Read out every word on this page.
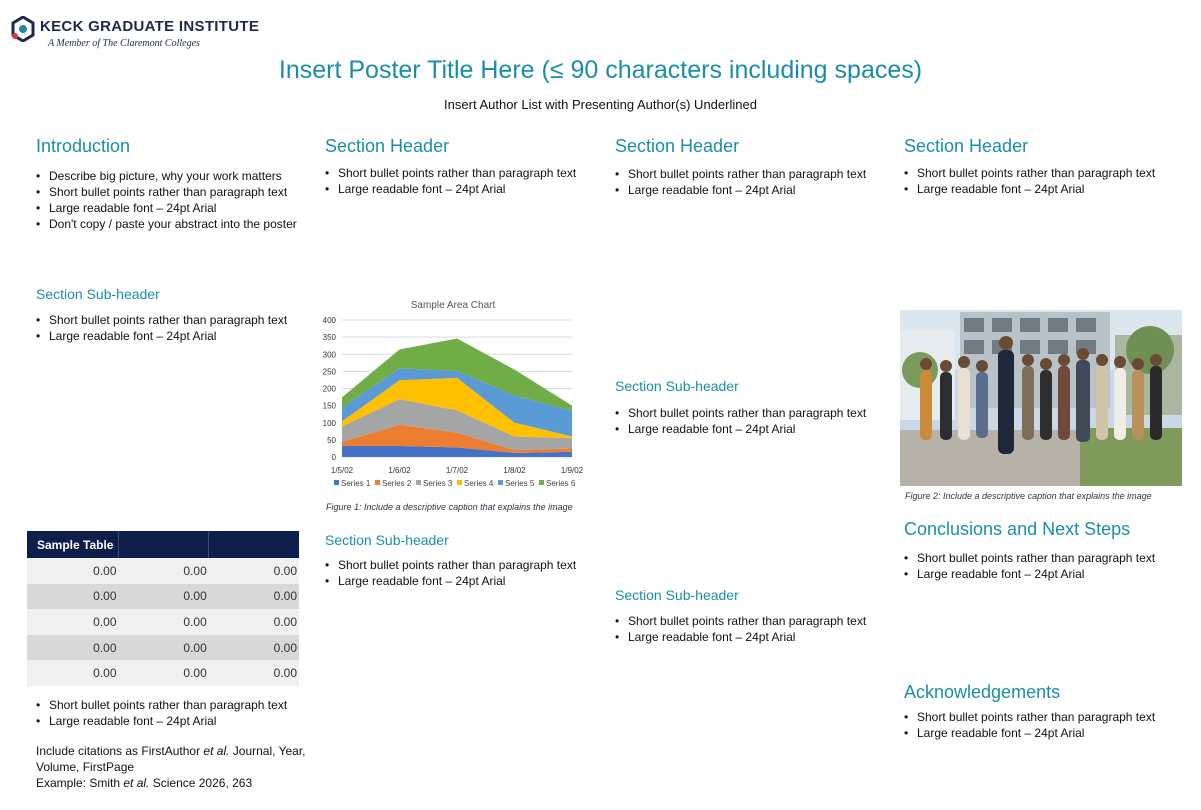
KECK GRADUATE INSTITUTE
A Member of The Claremont Colleges
Insert Poster Title Here (≤ 90 characters including spaces)
Insert Author List with Presenting Author(s) Underlined
Introduction
• Describe big picture, why your work matters
• Short bullet points rather than paragraph text
• Large readable font – 24pt Arial
• Don't copy / paste your abstract into the poster
Section Sub-header
• Short bullet points rather than paragraph text
• Large readable font – 24pt Arial
Sample Table		
0.00	0.00	0.00
0.00	0.00	0.00
0.00	0.00	0.00
0.00	0.00	0.00
0.00	0.00	0.00
• Short bullet points rather than paragraph text
• Large readable font – 24pt Arial
Include citations as FirstAuthor et al. Journal, Year,
Volume, FirstPage
Example: Smith et al. Science 2026, 263
Section Header
• Short bullet points rather than paragraph text
• Large readable font – 24pt Arial
Sample Area Chart
0
50
100
150
200
250
300
350
400
1/5/02	1/6/02	1/7/02	1/8/02	1/9/02
Series 1 Series 2 Series 3 Series 4 Series 5 Series 6
Figure 1: Include a descriptive caption that explains the image
Section Sub-header
• Short bullet points rather than paragraph text
• Large readable font – 24pt Arial
Section Header
• Short bullet points rather than paragraph text
• Large readable font – 24pt Arial
Section Sub-header
• Short bullet points rather than paragraph text
• Large readable font – 24pt Arial
Section Sub-header
• Short bullet points rather than paragraph text
• Large readable font – 24pt Arial
Section Header
• Short bullet points rather than paragraph text
• Large readable font – 24pt Arial
Figure 2: Include a descriptive caption that explains the image
Conclusions and Next Steps
• Short bullet points rather than paragraph text
• Large readable font – 24pt Arial
Acknowledgements
• Short bullet points rather than paragraph text
• Large readable font – 24pt Arial
